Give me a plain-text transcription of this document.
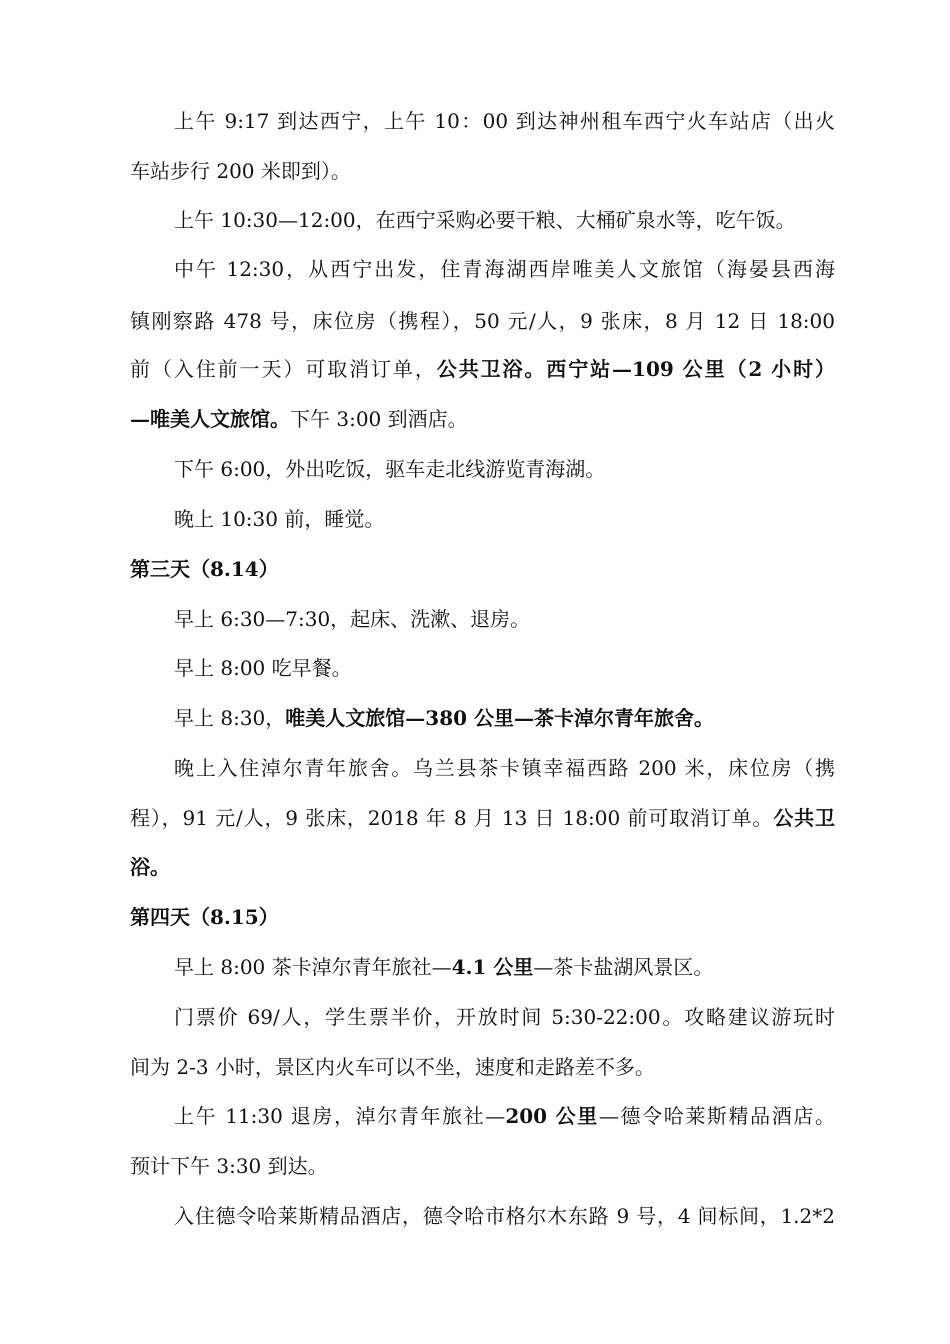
上午 9:17 到达西宁，上午 10：00 到达神州租车西宁火车站店（出火
车站步行 200 米即到）。
上午 10:30—12:00，在西宁采购必要干粮、大桶矿泉水等，吃午饭。
中午 12:30，从西宁出发，住青海湖西岸唯美人文旅馆（海晏县西海
镇刚察路 478 号，床位房（携程），50 元/人，9 张床，8 月 12 日 18:00
前（入住前一天）可取消订单，公共卫浴。西宁站—109 公里（2 小时）
—唯美人文旅馆。下午 3:00 到酒店。
下午 6:00，外出吃饭，驱车走北线游览青海湖。
晚上 10:30 前，睡觉。
第三天（8.14）
早上 6:30—7:30，起床、洗漱、退房。
早上 8:00 吃早餐。
早上 8:30，唯美人文旅馆—380 公里—茶卡淖尔青年旅舍。
晚上入住淖尔青年旅舍。乌兰县茶卡镇幸福西路 200 米，床位房（携
程），91 元/人，9 张床，2018 年 8 月 13 日 18:00 前可取消订单。公共卫
浴。
第四天（8.15）
早上 8:00 茶卡淖尔青年旅社—4.1 公里—茶卡盐湖风景区。
门票价 69/人，学生票半价，开放时间 5:30-22:00。攻略建议游玩时
间为 2-3 小时，景区内火车可以不坐，速度和走路差不多。
上午 11:30 退房，淖尔青年旅社—200 公里—德令哈莱斯精品酒店。
预计下午 3:30 到达。
入住德令哈莱斯精品酒店，德令哈市格尔木东路 9 号，4 间标间，1.2*2
